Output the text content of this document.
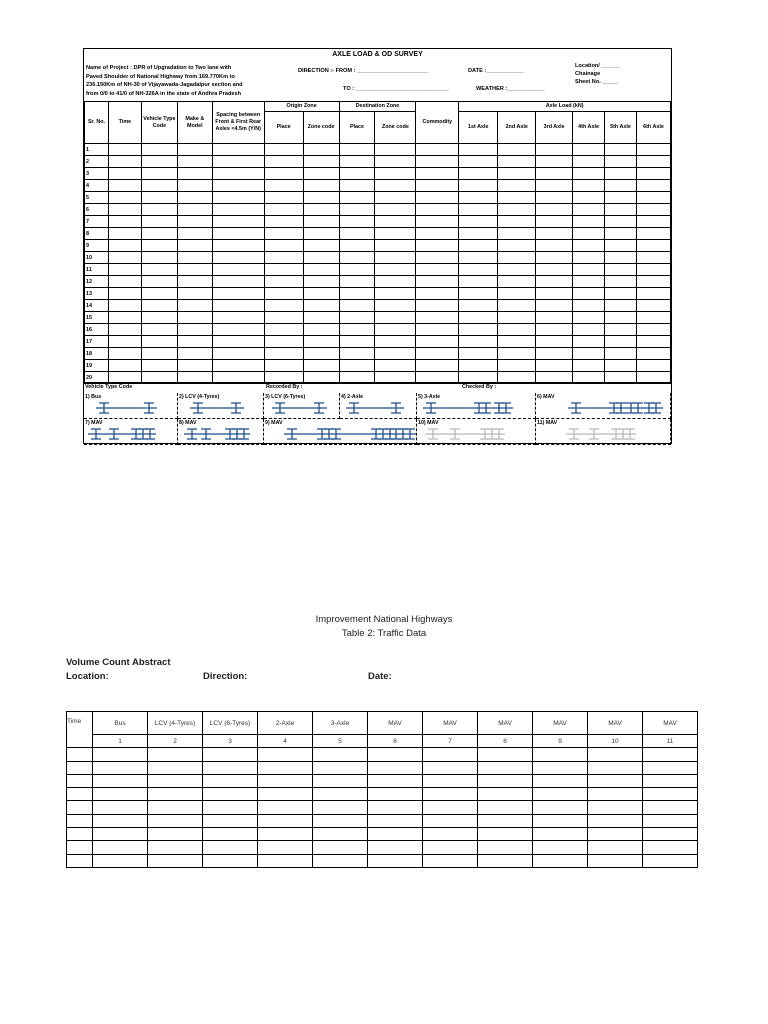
AXLE LOAD & OD SURVEY
Name of Project : DPR of Upgradation to Two lane with
Paved Shoulder of National Highway from 169.770Km to
236.150Km of NH-30 of Vijayawada-Jagadalpur section and
from 0/0 to 41/0 of NH-326A in the state of Andhra Pradesh
DIRECTION :- FROM : _______________________	DATE :____________
TO : ______________________________	WEATHER :____________
Location/ ______
Chainage
Sheet No. _____
Sr. No.	Time	Vehicle Type Code	Make & Model	Spacing between Front & First Rear Axles <4.5m (Y/N)	Origin Zone		Destination Zone		Commodity	Axle Load (kN)					
					Place	Zone code	Place	Zone code		1st Axle	2nd Axle	3rd Axle	4th Axle	5th Axle	6th Axle
1															
2															
3															
4															
5															
6															
7															
8															
9															
10															
11															
12															
13															
14															
15															
16															
17															
18															
19															
20															
Vehicle Type Code	Recorded By :	Checked By :
1) Bus	2) LCV (4-Tyres)	3) LCV (6-Tyres)	4) 2-Axle	5) 3-Axle	6) MAV
7) MAV	8) MAV	9) MAV	10) MAV	11) MAV
Improvement National Highways
Table 2: Traffic Data
Volume Count Abstract
Location:	Direction:	Date:
Time	Bus	LCV (4-Tyres)	LCV (6-Tyres)	2-Axle	3-Axle	MAV	MAV	MAV	MAV	MAV	MAV
	1	2	3	4	5	6	7	8	9	10	11
